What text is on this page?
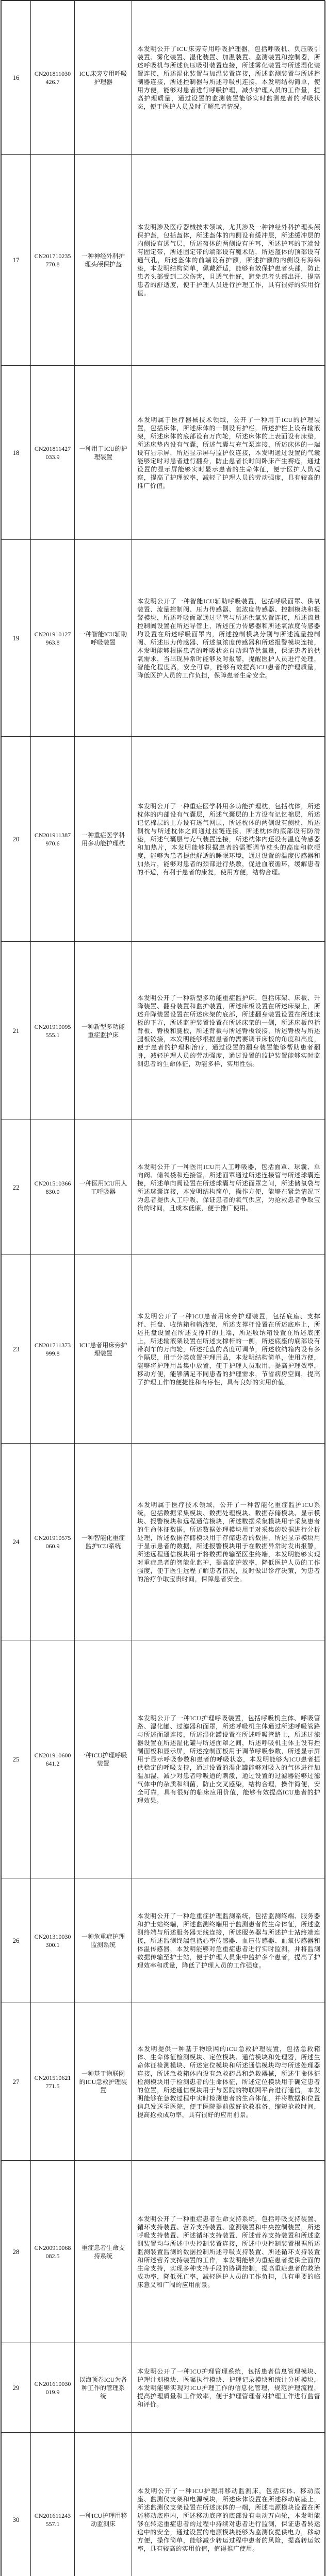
16	CN201811030426.7	ICU床旁专用呼吸护理器	本发明公开了ICU床旁专用呼吸护理器，包括呼吸机、负压吸引装置、雾化装置、湿化装置、加温装置、监测装置和控制器，所述呼吸机与所述负压吸引装置连接，所述雾化装置与所述湿化装置连接，所述湿化装置与加温装置连接，所述监测装置与所述控制器连接，所述控制器与所述呼吸机连接，本发明结构简单，使用方便，能够对患者进行呼吸护理，减少护理人员的工作量，提高护理质量，通过设置的监测装置能够实时监测患者的呼吸状态，便于医护人员及时了解患者情况。
17	CN201710235770.8	一种神经外科护理头颅保护盔	本发明涉及医疗器械技术领域，尤其涉及一种神经外科护理头颅保护盔，包括盔体，所述盔体的内侧设有缓冲层，所述缓冲层的内侧设有透气层，所述盔体的两侧设有护耳，所述护耳的下端设有固定带，所述固定带的端部设有魔术贴，所述盔体的顶部设有通气孔，所述盔体的前端设有护额，所述护额的内侧设有海绵垫，本发明结构简单，佩戴舒适，能够有效保护患者头部，防止患者头部受到二次伤害，且透气性好，避免患者头部出汗，提高患者的舒适度，便于护理人员进行护理工作，具有很好的实用价值。
18	CN201811427033.9	一种用于ICU的护理装置	本发明属于医疗器械技术领域，公开了一种用于ICU的护理装置，包括床体，所述床体的一侧设有护栏，所述护栏上设有输液架，所述床体的底部设有万向轮，所述床体的上表面设有床垫，所述床垫内设有气囊，所述气囊与充气泵连接，所述床体的一端设有显示屏，所述显示屏与监护仪连接，本发明通过设置的气囊能够定时对患者进行翻身，防止患者长时间卧床产生褥疮，通过设置的显示屏能够实时显示患者的生命体征，便于医护人员观察，提高了护理效率，减轻了护理人员的劳动强度，具有较高的推广价值。
19	CN201910127963.8	一种智能ICU辅助呼吸装置	本发明公开了一种智能ICU辅助呼吸装置，包括呼吸面罩、供氧装置、流量控制阀、压力传感器、氧浓度传感器、控制模块和报警模块，所述呼吸面罩通过导管与所述供氧装置连接，所述流量控制阀设置在所述导管上，所述压力传感器和所述氧浓度传感器均设置在所述呼吸面罩内，所述控制模块分别与所述流量控制阀、所述压力传感器、所述氧浓度传感器和所述报警模块连接，本发明能够根据患者的呼吸状态自动调节供氧量，保证患者的供氧需求，当出现异常时能够及时报警，提醒医护人员进行处理，智能化程度高，安全可靠，能够有效提高ICU患者的护理质量，降低医护人员的工作负担，保障患者生命安全。
20	CN201911387970.6	一种重症医学科用多功能护理枕	本发明公开了一种重症医学科用多功能护理枕，包括枕体，所述枕体的内部设有气囊层，所述气囊层的上方设有记忆棉层，所述记忆棉层的上方设有透气网层，所述枕体的两侧设有侧枕，所述侧枕与所述枕体之间通过拉链连接，所述枕体的底部设有防滑垫，所述气囊层与充气装置连接，所述枕体内还设有温度传感器和加热片，本发明能够根据患者的需要调节枕头的高度和软硬度，能够为患者提供舒适的睡眠环境，通过设置的温度传感器和加热片，能够对患者的颈部进行热敷，促进血液循环，缓解患者的不适，有利于患者的康复，使用方便，结构合理。
21	CN201910095555.1	一种新型多功能重症监护床	本发明公开了一种新型多功能重症监护床，包括床架、床板、升降装置、翻身装置和监护装置，所述床板设置在所述床架上，所述升降装置设置在所述床架的底部，所述翻身装置设置在所述床板的下方，所述监护装置设置在所述床架的一侧，所述床板包括背板、臀板和腿板，所述背板与所述臀板铰接，所述臀板与所述腿板铰接，本发明能够根据患者的需要调节床板的角度和高度，便于患者的护理和治疗，通过设置的翻身装置能够帮助患者翻身，减轻护理人员的劳动强度，通过设置的监护装置能够实时监测患者的生命体征，功能多样，实用性强。
22	CN201510366830.0	一种医用ICU用人工呼吸器	本发明公开了一种医用ICU用人工呼吸器，包括面罩、球囊、单向阀、储氧袋和连接管，所述面罩通过所述连接管与所述球囊连接，所述单向阀设置在所述球囊与所述面罩之间，所述储氧袋与所述球囊连接，本发明结构简单，操作方便，能够在紧急情况下为患者提供人工呼吸，保证患者的氧气供应，为抢救患者争取宝贵的时间，且成本低廉，便于推广使用。
23	CN201711373999.8	ICU患者用床旁护理装置	本发明公开了一种ICU患者用床旁护理装置，包括底座、支撑杆、托盘、收纳箱和输液架，所述支撑杆设置在所述底座上，所述托盘设置在所述支撑杆的上端，所述收纳箱设置在所述底座上，所述输液架设置在所述支撑杆的一侧，所述底座的底部设有带刹车的万向轮，所述托盘的高度可调节，所述收纳箱内设有多个隔层，用于分类放置护理用品，本发明结构简单，使用方便，能够将护理用品集中放置，便于护理人员取用，提高护理效率，移动方便，能够满足不同患者的护理需求，节省病房空间，提高了护理工作的便捷性和有序性，具有良好的实用价值。
24	CN201910575060.9	一种智能化重症监护ICU系统	本发明属于医疗技术领域，公开了一种智能化重症监护ICU系统，包括数据采集模块、数据处理模块、数据存储模块、显示模块、报警模块和远程通信模块，所述数据采集模块用于采集患者的生命体征数据，所述数据处理模块用于对采集的数据进行分析处理，所述数据存储模块用于存储患者的数据，所述显示模块用于显示患者的数据，所述报警模块用于在数据异常时发出报警，所述远程通信模块用于将数据传输至医生终端，本发明能够实现对重症患者的智能化监护，提高监护效率，降低医护人员的工作强度，便于医生远程了解患者情况，及时做出诊疗决策，为患者的治疗争取宝贵时间，保障患者安全。
25	CN201910600641.2	一种ICU护理呼吸装置	本发明公开了一种ICU护理呼吸装置，包括呼吸机主体、呼吸管路、湿化罐、过滤器和面罩，所述呼吸机主体通过所述呼吸管路与所述面罩连接，所述湿化罐设置在所述呼吸管路上，所述过滤器设置在所述湿化罐与所述面罩之间，所述呼吸机主体上设有控制面板和显示屏，所述控制面板用于调节呼吸参数，所述显示屏用于显示呼吸参数和患者的呼吸状态，本发明能够为ICU患者提供稳定的呼吸支持，通过设置的湿化罐能够对吸入的气体进行加温加湿，减少对患者呼吸道的刺激，通过设置的过滤器能够过滤气体中的杂质和细菌，防止交叉感染，结构合理，操作简便，安全可靠，具有很好的临床应用价值，能够有效提高ICU患者的护理效果。
26	CN201310030300.1	一种危重症护理监测系统	本发明公开了一种危重症护理监测系统，包括监测终端、服务器和护士站终端，所述监测终端用于监测患者的生命体征，所述监测终端与所述服务器无线连接，所述服务器与所述护士站终端连接，所述监测终端包括心率传感器、血压传感器、血氧传感器和体温传感器，本发明能够对危重症患者进行实时监测，并将监测数据传输至护士站，便于护理人员集中监护多个患者，提高了护理效率和质量，降低了护理人员的工作强度。
27	CN201510621771.5	一种基于物联网的ICU急救护理装置	本发明提供一种基于物联网的ICU急救护理装置，包括急救箱体、生命体征检测模块、定位模块、通信模块和处理器，所述生命体征检测模块、所述定位模块和所述通信模块均与所述处理器连接，所述急救箱体内设有急救药品和急救器械，所述生命体征检测模块用于检测患者的生命体征，所述定位模块用于确定患者的位置，所述通信模块用于与医院的物联网平台进行通信，本发明能够在急救过程中实时检测患者的生命体征，并将数据和位置信息发送至医院，便于医院提前做好抢救准备，缩短抢救时间，提高抢救成功率，具有很好的应用前景。
28	CN200910068082.5	重症患者生命支持系统	本发明公开了一种重症患者生命支持系统，包括呼吸支持装置、循环支持装置、营养支持装置、监测装置和中央控制装置，所述呼吸支持装置、所述循环支持装置、所述营养支持装置和所述监测装置均与所述中央控制装置连接，所述中央控制装置根据所述监测装置监测的数据控制所述呼吸支持装置、所述循环支持装置和所述营养支持装置的工作，本发明能够为重症患者提供全面的生命支持，实现多种支持手段的协调控制，提高重症患者的救治成功率，降低死亡率，减轻医护人员的工作负担，具有重要的临床意义和广阔的应用前景。
29	CN201610030019.9	以海顶卷ICU为各种工作的管理系统	本发明公开了一种ICU护理管理系统，包括患者信息管理模块、护理计划模块、医嘱执行模块、护理记录模块和统计分析模块，本发明能够实现对ICU护理工作的信息化管理，规范护理流程，提高护理质量和工作效率，便于护理管理者对护理工作进行监督和评价。
30	CN201611243557.1	一种ICU护理用移动监测床	本发明公开了一种ICU护理用移动监测床，包括床体、移动底座、监测仪支架和电源模块，所述床体设置在所述移动底座上，所述监测仪支架设置在所述床体的一端，所述电源模块设置在所述移动底座内，所述移动底座的底部设有电动万向轮，本发明能够在转运重症患者的过程中持续对患者进行监测，保证患者转运途中的安全，通过设置的电源模块能够为监测仪提供电力，移动方便，操作简单，能够减少转运过程中患者的风险，提高转运效率，具有较高的实用价值，值得推广使用。
